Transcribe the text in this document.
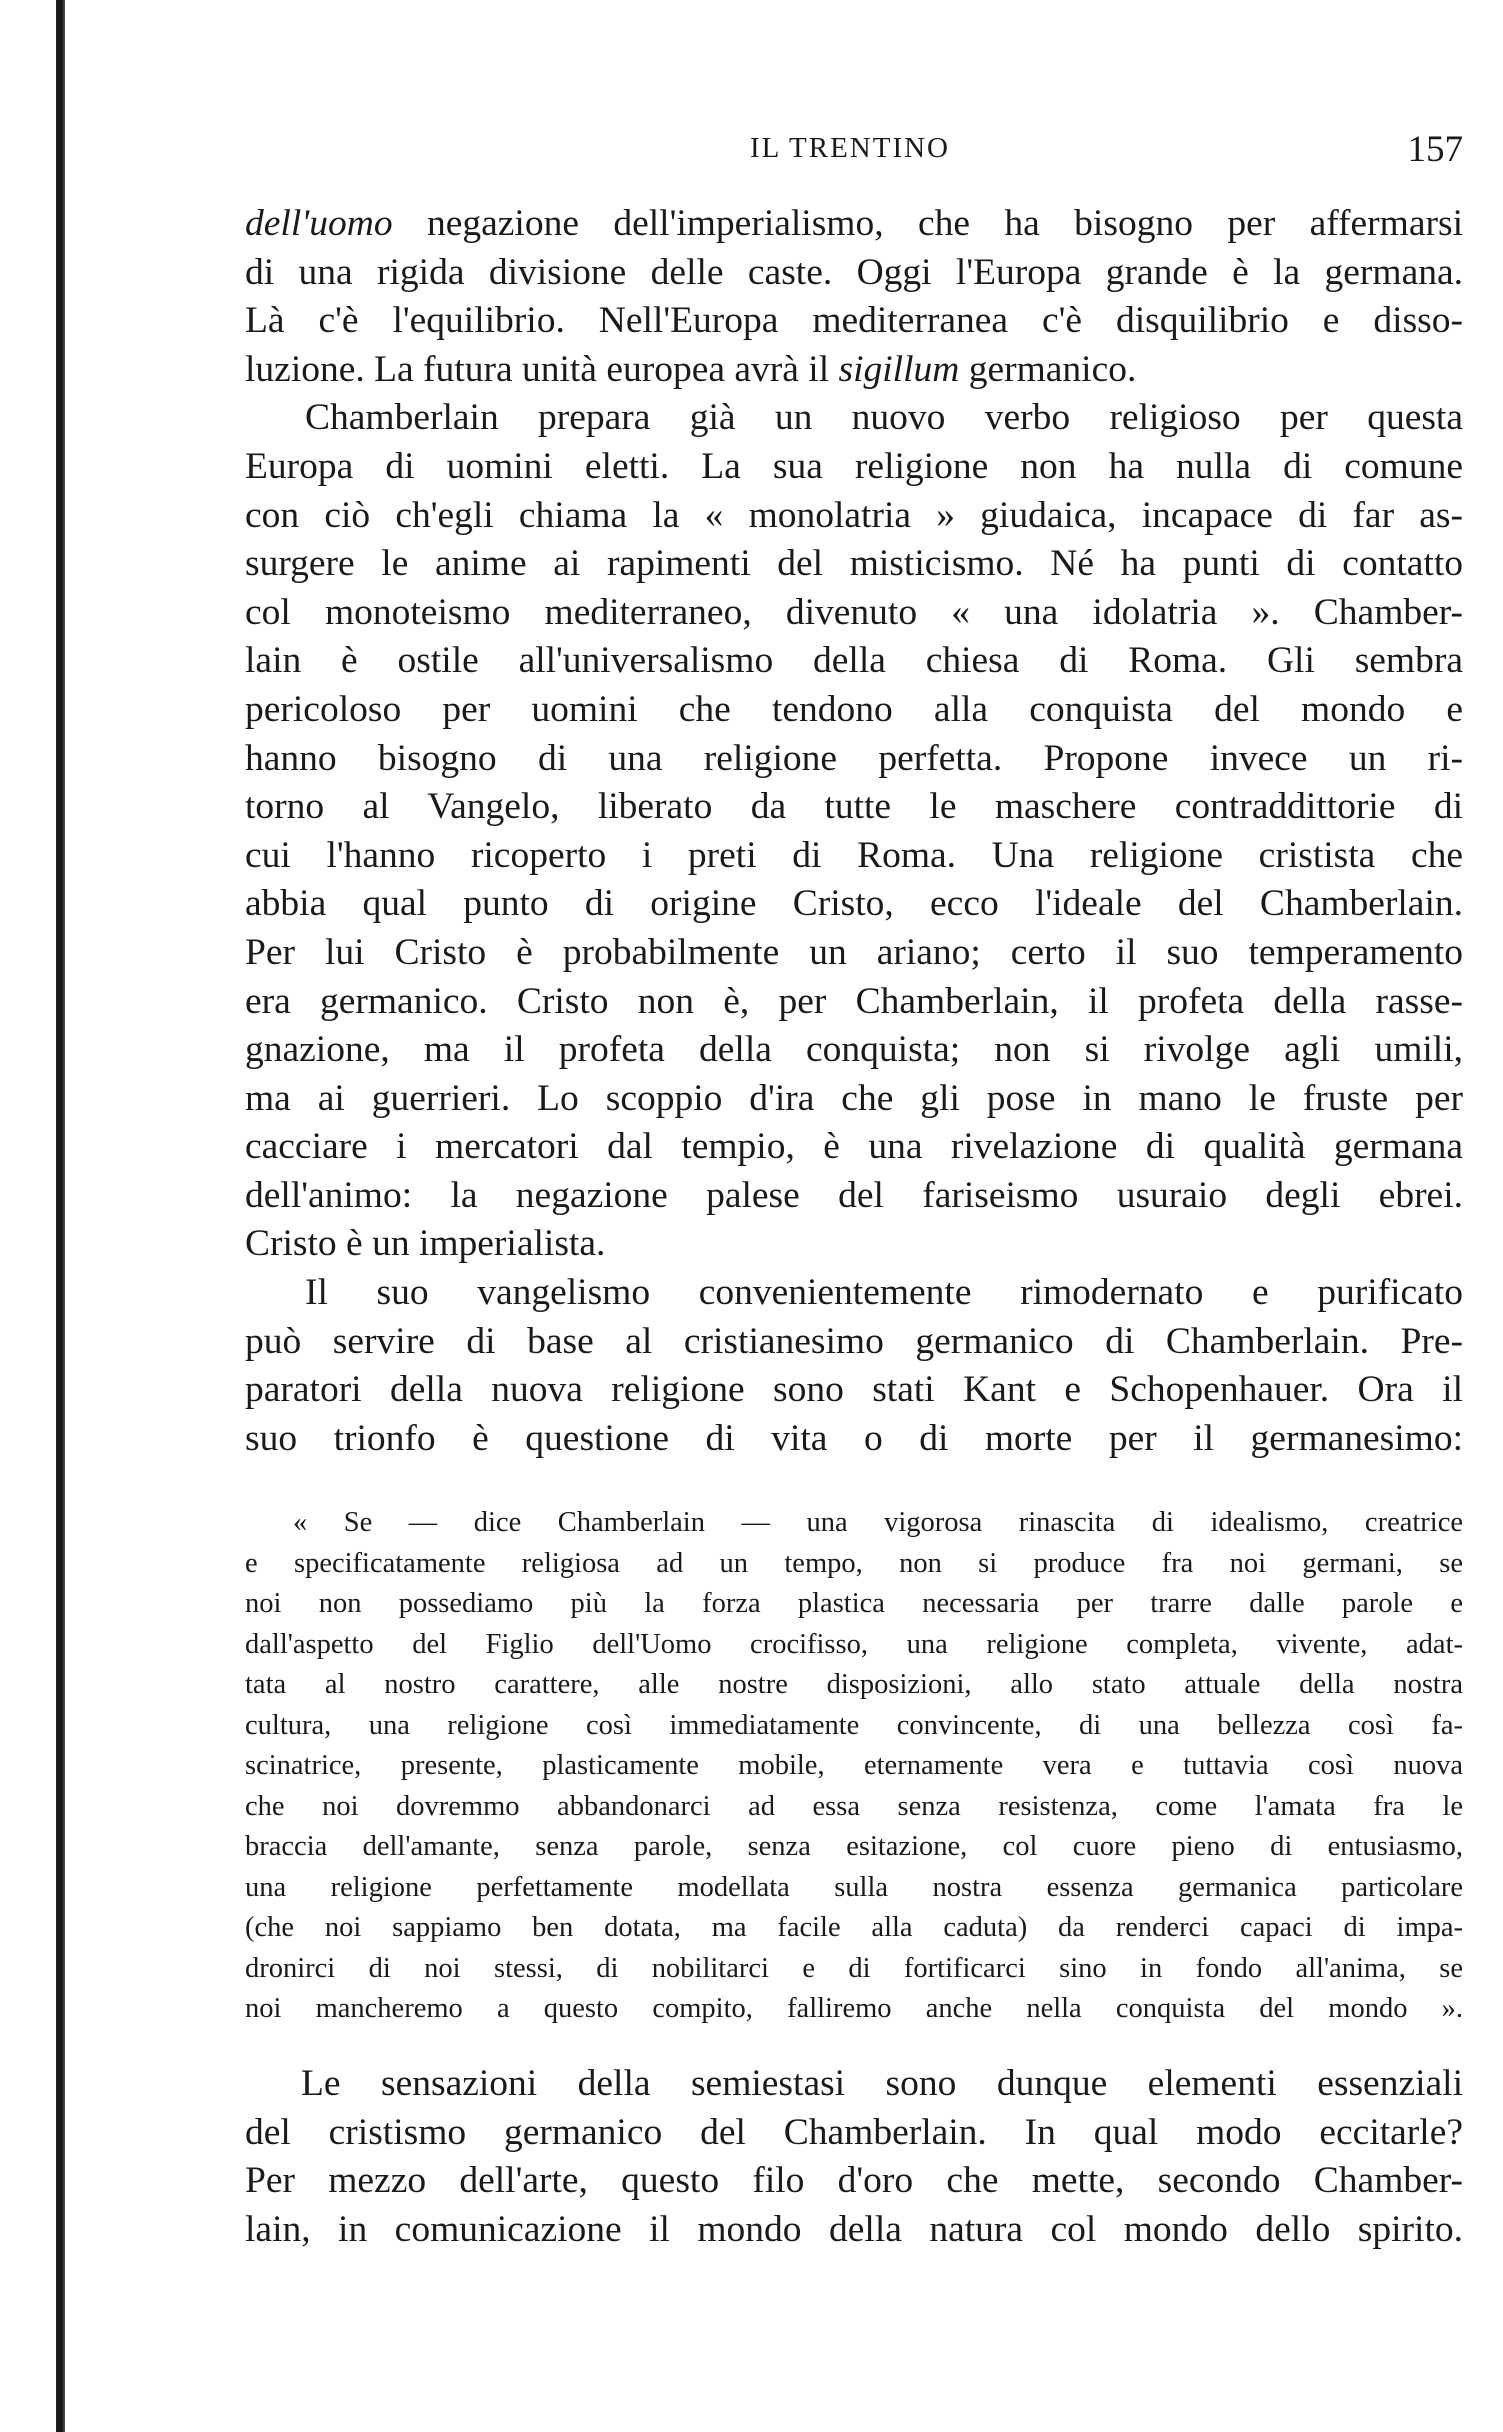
IL TRENTINO	157
dell'uomo negazione dell'imperialismo, che ha bisogno per affermarsi
di una rigida divisione delle caste. Oggi l'Europa grande è la germana.
Là c'è l'equilibrio. Nell'Europa mediterranea c'è disquilibrio e disso-
luzione. La futura unità europea avrà il sigillum germanico.
Chamberlain prepara già un nuovo verbo religioso per questa
Europa di uomini eletti. La sua religione non ha nulla di comune
con ciò ch'egli chiama la « monolatria » giudaica, incapace di far as-
surgere le anime ai rapimenti del misticismo. Né ha punti di contatto
col monoteismo mediterraneo, divenuto « una idolatria ». Chamber-
lain è ostile all'universalismo della chiesa di Roma. Gli sembra
pericoloso per uomini che tendono alla conquista del mondo e
hanno bisogno di una religione perfetta. Propone invece un ri-
torno al Vangelo, liberato da tutte le maschere contraddittorie di
cui l'hanno ricoperto i preti di Roma. Una religione cristista che
abbia qual punto di origine Cristo, ecco l'ideale del Chamberlain.
Per lui Cristo è probabilmente un ariano; certo il suo temperamento
era germanico. Cristo non è, per Chamberlain, il profeta della rasse-
gnazione, ma il profeta della conquista; non si rivolge agli umili,
ma ai guerrieri. Lo scoppio d'ira che gli pose in mano le fruste per
cacciare i mercatori dal tempio, è una rivelazione di qualità germana
dell'animo: la negazione palese del fariseismo usuraio degli ebrei.
Cristo è un imperialista.
Il suo vangelismo convenientemente rimodernato e purificato
può servire di base al cristianesimo germanico di Chamberlain. Pre-
paratori della nuova religione sono stati Kant e Schopenhauer. Ora il
suo trionfo è questione di vita o di morte per il germanesimo:
« Se — dice Chamberlain — una vigorosa rinascita di idealismo, creatrice
e specificatamente religiosa ad un tempo, non si produce fra noi germani, se
noi non possediamo più la forza plastica necessaria per trarre dalle parole e
dall'aspetto del Figlio dell'Uomo crocifisso, una religione completa, vivente, adat-
tata al nostro carattere, alle nostre disposizioni, allo stato attuale della nostra
cultura, una religione così immediatamente convincente, di una bellezza così fa-
scinatrice, presente, plasticamente mobile, eternamente vera e tuttavia così nuova
che noi dovremmo abbandonarci ad essa senza resistenza, come l'amata fra le
braccia dell'amante, senza parole, senza esitazione, col cuore pieno di entusiasmo,
una religione perfettamente modellata sulla nostra essenza germanica particolare
(che noi sappiamo ben dotata, ma facile alla caduta) da renderci capaci di impa-
dronirci di noi stessi, di nobilitarci e di fortificarci sino in fondo all'anima, se
noi mancheremo a questo compito, falliremo anche nella conquista del mondo ».
Le sensazioni della semiestasi sono dunque elementi essenziali
del cristismo germanico del Chamberlain. In qual modo eccitarle?
Per mezzo dell'arte, questo filo d'oro che mette, secondo Chamber-
lain, in comunicazione il mondo della natura col mondo dello spirito.
